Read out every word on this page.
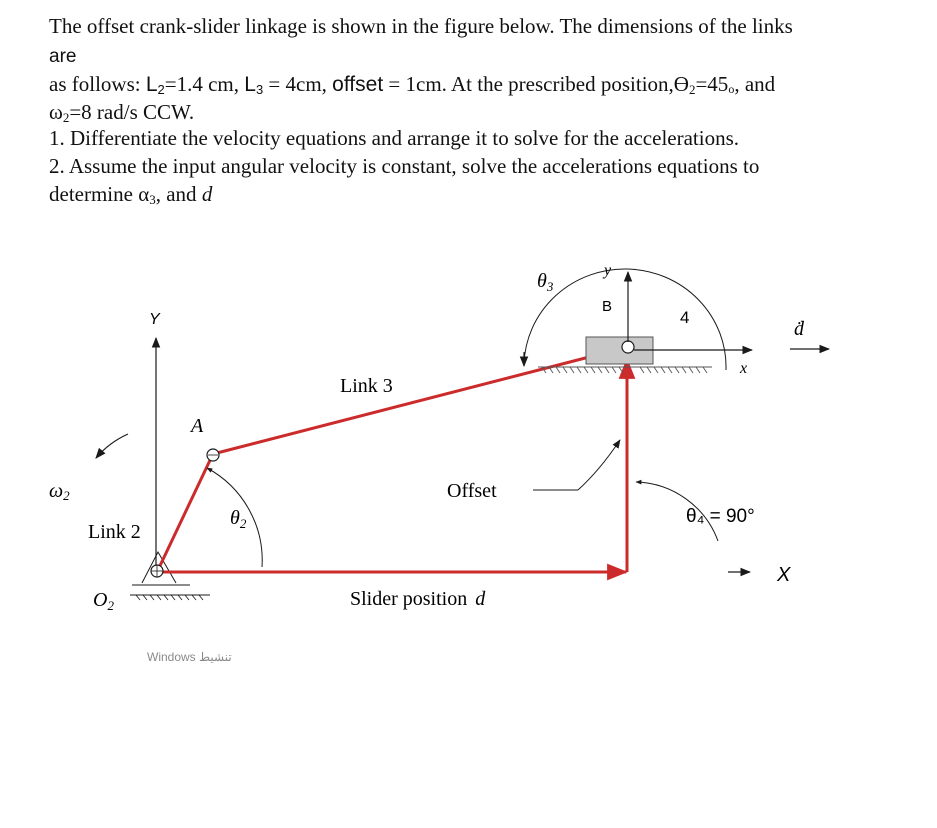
The offset crank-slider linkage is shown in the figure below. The dimensions of the links
are
as follows: $L_2=1.4$ cm, $L_3 = 4cm$, offset = 1cm. At the prescribed $position,ϴ_2=45o$, and
$\omega_2=8$ rad/s CCW.
1. Differentiate the velocity equations and arrange it to solve for the accelerations.
2. Assume the input angular velocity is constant, solve the accelerations equations to
determine $\alpha_3$, and d
ω2
Y
A
$\theta_2$
Link 2
$O_2$
Link 3
Offset
Slider position d
$\theta_3$
y
B
4
x
ḋ
θ₄ = 90°
X
Windows تنشيط
